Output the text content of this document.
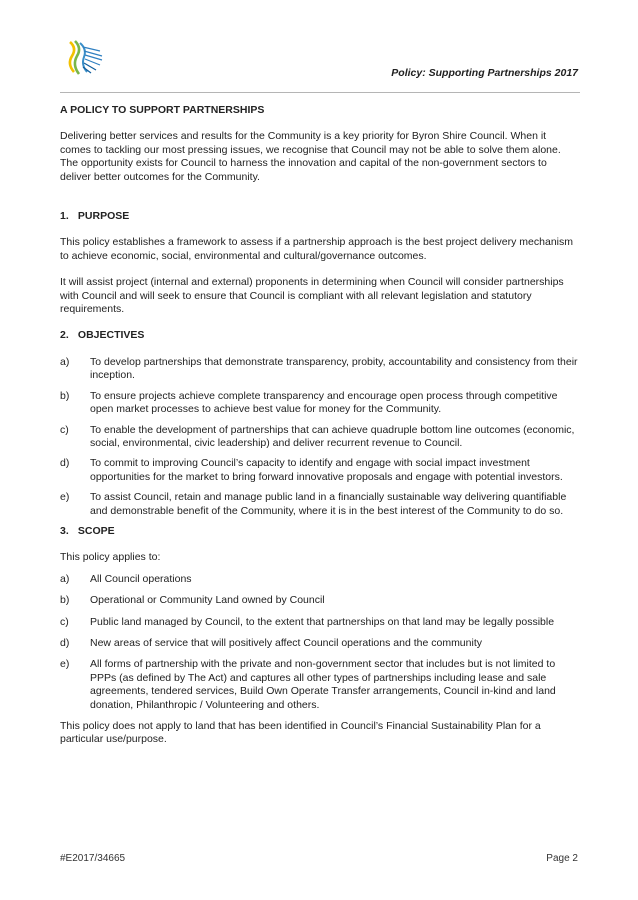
Policy: Supporting Partnerships 2017
A POLICY TO SUPPORT PARTNERSHIPS

Delivering better services and results for the Community is a key priority for Byron Shire Council. When it comes to tackling our most pressing issues, we recognise that Council may not be able to solve them alone. The opportunity exists for Council to harness the innovation and capital of the non-government sectors to deliver better outcomes for the Community.

1. PURPOSE

This policy establishes a framework to assess if a partnership approach is the best project delivery mechanism to achieve economic, social, environmental and cultural/governance outcomes.

It will assist project (internal and external) proponents in determining when Council will consider partnerships with Council and will seek to ensure that Council is compliant with all relevant legislation and statutory requirements.

2. OBJECTIVES
a) To develop partnerships that demonstrate transparency, probity, accountability and consistency from their inception.
b) To ensure projects achieve complete transparency and encourage open process through competitive open market processes to achieve best value for money for the Community.
c) To enable the development of partnerships that can achieve quadruple bottom line outcomes (economic, social, environmental, civic leadership) and deliver recurrent revenue to Council.
d) To commit to improving Council’s capacity to identify and engage with social impact investment opportunities for the market to bring forward innovative proposals and engage with potential investors.
e) To assist Council, retain and manage public land in a financially sustainable way delivering quantifiable and demonstrable benefit of the Community, where it is in the best interest of the Community to do so.
3. SCOPE

This policy applies to:

a) All Council operations
b) Operational or Community Land owned by Council
c) Public land managed by Council, to the extent that partnerships on that land may be legally possible
d) New areas of service that will positively affect Council operations and the community
e) All forms of partnership with the private and non-government sector that includes but is not limited to PPPs (as defined by The Act) and captures all other types of partnerships including lease and sale agreements, tendered services, Build Own Operate Transfer arrangements, Council in-kind and land donation, Philanthropic / Volunteering and others.

This policy does not apply to land that has been identified in Council’s Financial Sustainability Plan for a particular use/purpose.

#E2017/34665	Page 2
